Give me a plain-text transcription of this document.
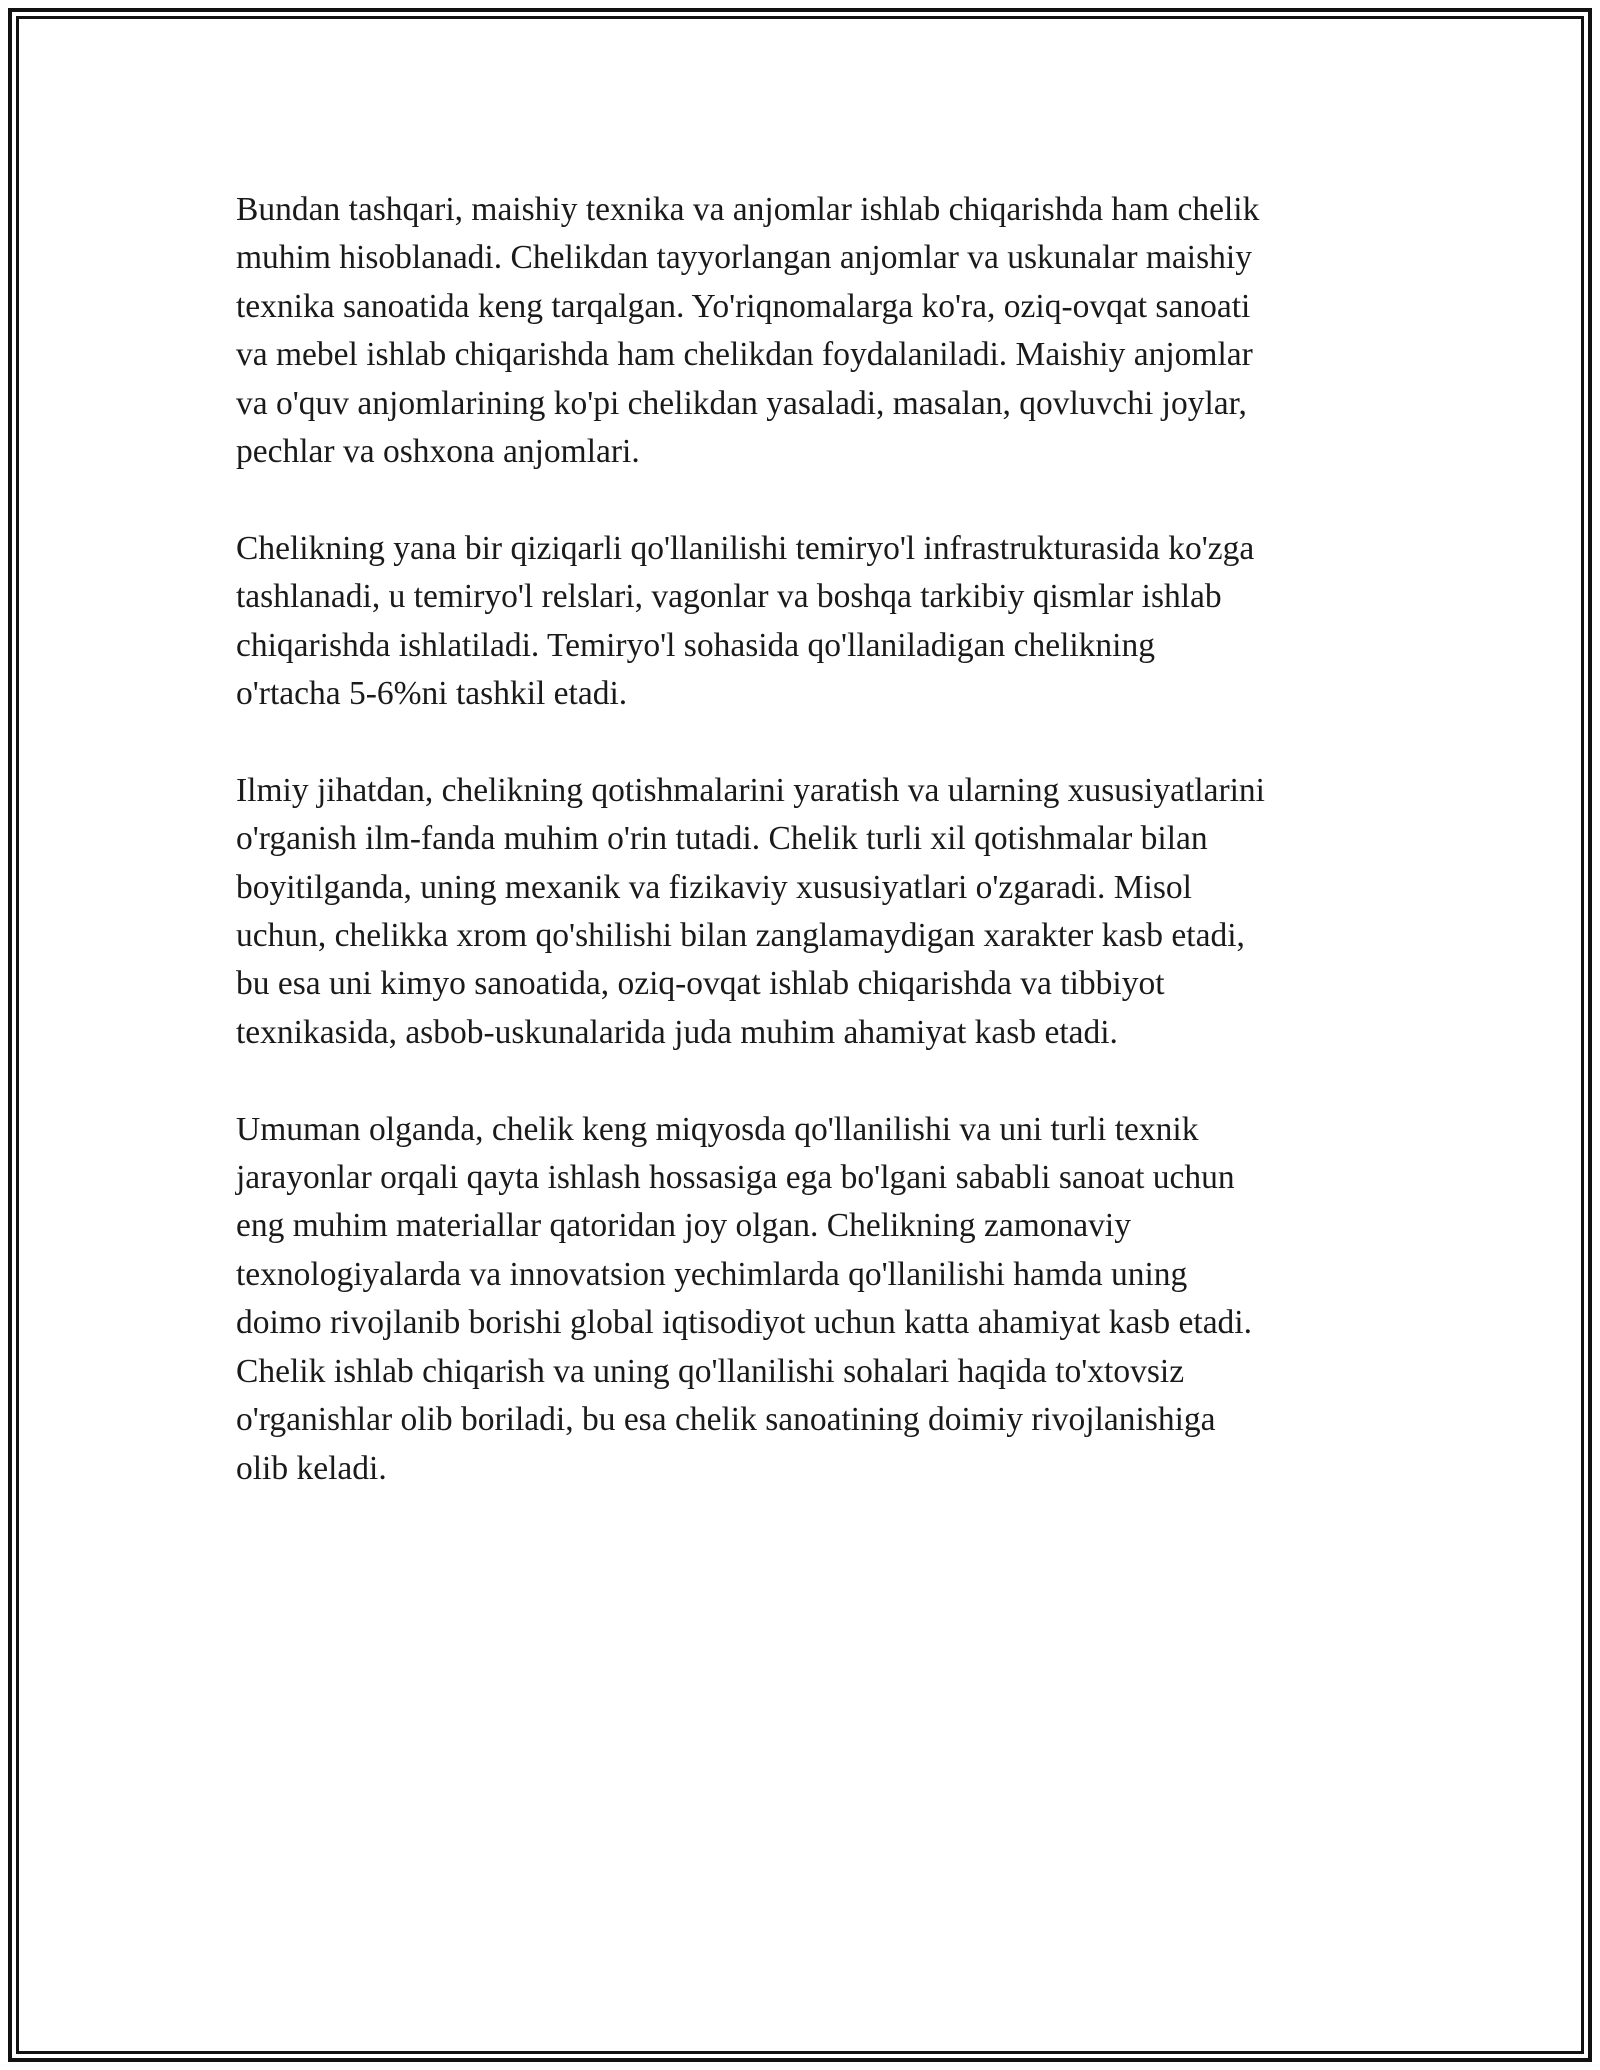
Bundan tashqari, maishiy texnika va anjomlar ishlab chiqarishda ham chelik
muhim hisoblanadi. Chelikdan tayyorlangan anjomlar va uskunalar maishiy
texnika sanoatida keng tarqalgan. Yo'riqnomalarga ko'ra, oziq-ovqat sanoati
va mebel ishlab chiqarishda ham chelikdan foydalaniladi. Maishiy anjomlar
va o'quv anjomlarining ko'pi chelikdan yasaladi, masalan, qovluvchi joylar,
pechlar va oshxona anjomlari.

Chelikning yana bir qiziqarli qo'llanilishi temiryo'l infrastrukturasida ko'zga
tashlanadi, u temiryo'l relslari, vagonlar va boshqa tarkibiy qismlar ishlab
chiqarishda ishlatiladi. Temiryo'l sohasida qo'llaniladigan chelikning
o'rtacha 5-6%ni tashkil etadi.

Ilmiy jihatdan, chelikning qotishmalarini yaratish va ularning xususiyatlarini
o'rganish ilm-fanda muhim o'rin tutadi. Chelik turli xil qotishmalar bilan
boyitilganda, uning mexanik va fizikaviy xususiyatlari o'zgaradi. Misol
uchun, chelikka xrom qo'shilishi bilan zanglamaydigan xarakter kasb etadi,
bu esa uni kimyo sanoatida, oziq-ovqat ishlab chiqarishda va tibbiyot
texnikasida, asbob-uskunalarida juda muhim ahamiyat kasb etadi.

Umuman olganda, chelik keng miqyosda qo'llanilishi va uni turli texnik
jarayonlar orqali qayta ishlash hossasiga ega bo'lgani sababli sanoat uchun
eng muhim materiallar qatoridan joy olgan. Chelikning zamonaviy
texnologiyalarda va innovatsion yechimlarda qo'llanilishi hamda uning
doimo rivojlanib borishi global iqtisodiyot uchun katta ahamiyat kasb etadi.
Chelik ishlab chiqarish va uning qo'llanilishi sohalari haqida to'xtovsiz
o'rganishlar olib boriladi, bu esa chelik sanoatining doimiy rivojlanishiga
olib keladi.
